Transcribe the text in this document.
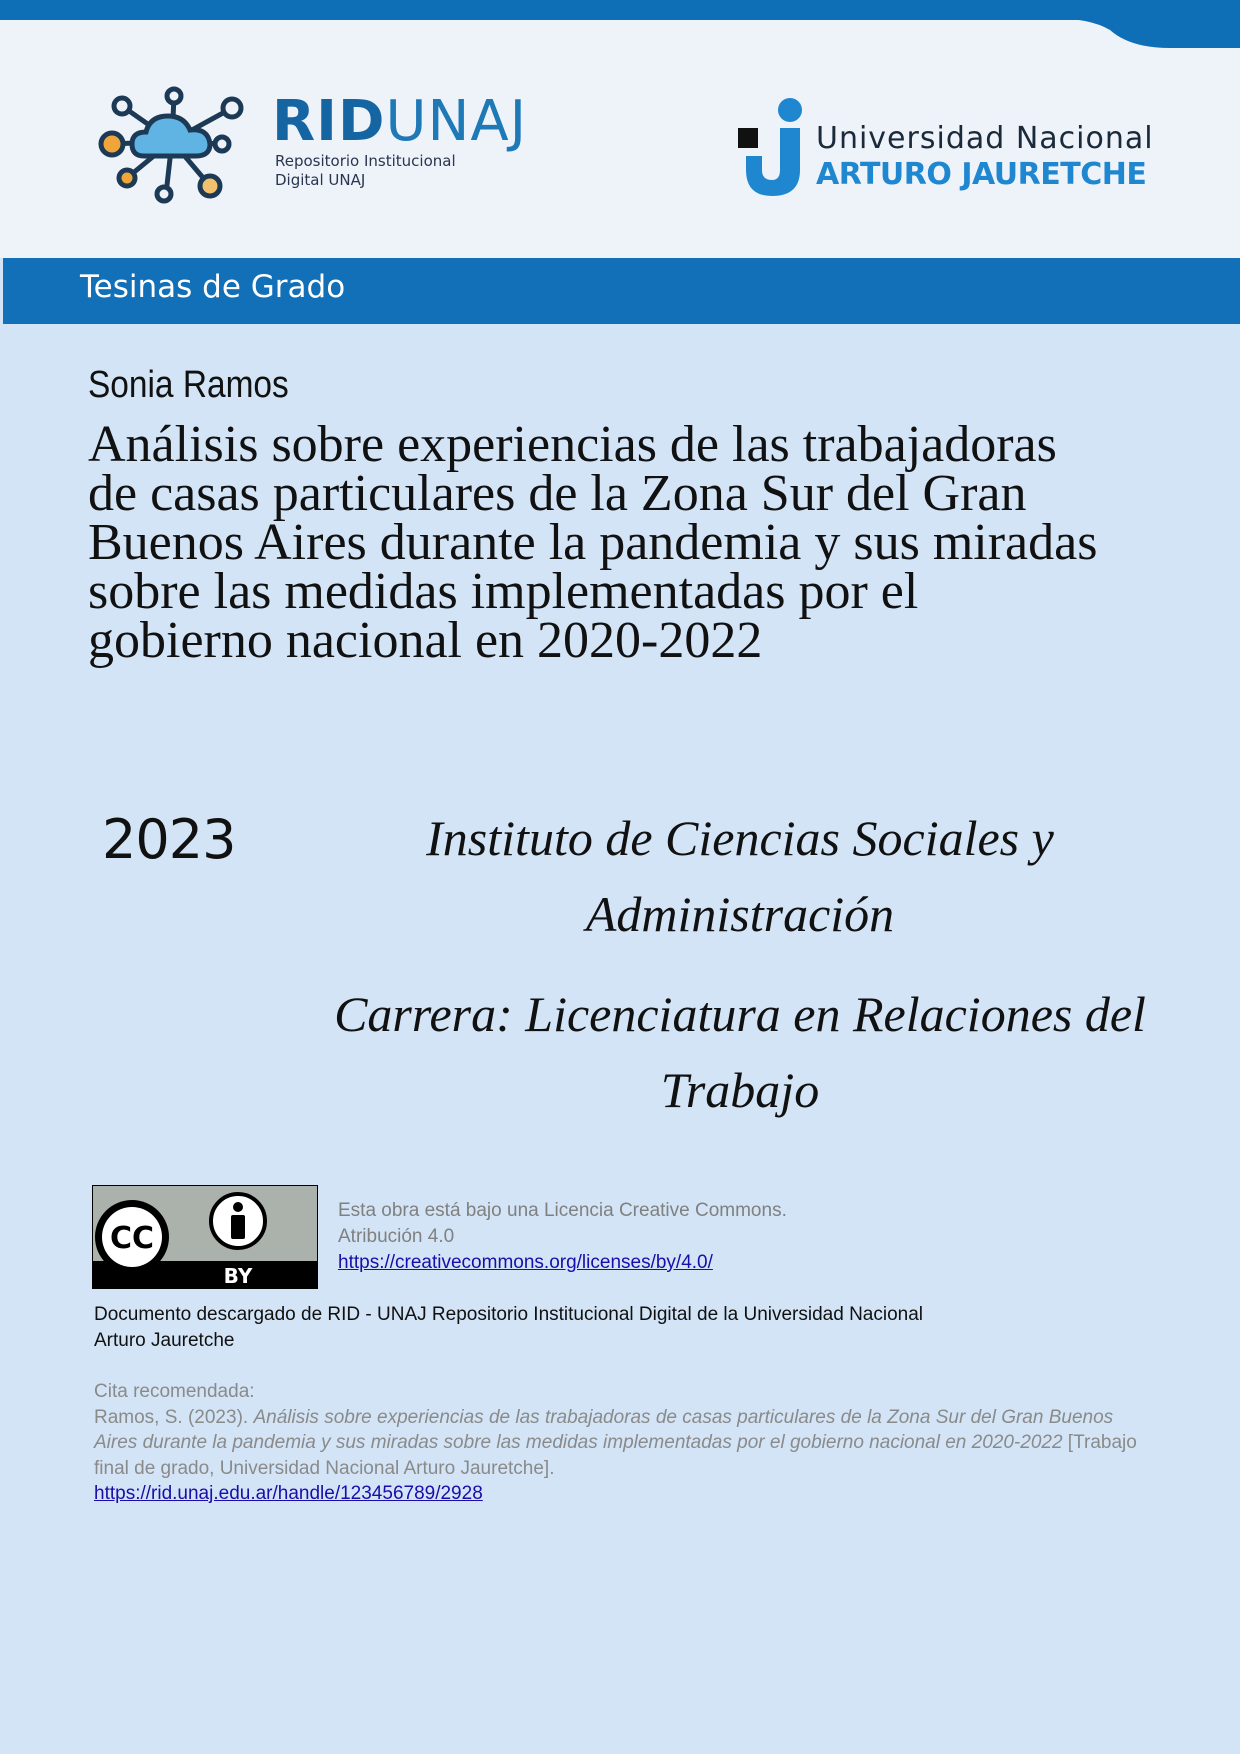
RIDUNAJ
Repositorio Institucional
Digital UNAJ
Universidad Nacional
ARTURO JAURETCHE
Tesinas de Grado
Sonia Ramos
Análisis sobre experiencias de las trabajadoras
de casas particulares de la Zona Sur del Gran
Buenos Aires durante la pandemia y sus miradas
sobre las medidas implementadas por el
gobierno nacional en 2020-2022
2023	Instituto de Ciencias Sociales y
Administración
Carrera: Licenciatura en Relaciones del
Trabajo
CC
BY
Esta obra está bajo una Licencia Creative Commons.
Atribución 4.0
https://creativecommons.org/licenses/by/4.0/
Documento descargado de RID - UNAJ Repositorio Institucional Digital de la Universidad Nacional Arturo Jauretche
Cita recomendada:
Ramos, S. (2023). Análisis sobre experiencias de las trabajadoras de casas particulares de la Zona Sur del Gran Buenos Aires durante la pandemia y sus miradas sobre las medidas implementadas por el gobierno nacional en 2020-2022 [Trabajo final de grado, Universidad Nacional Arturo Jauretche].
https://rid.unaj.edu.ar/handle/123456789/2928
